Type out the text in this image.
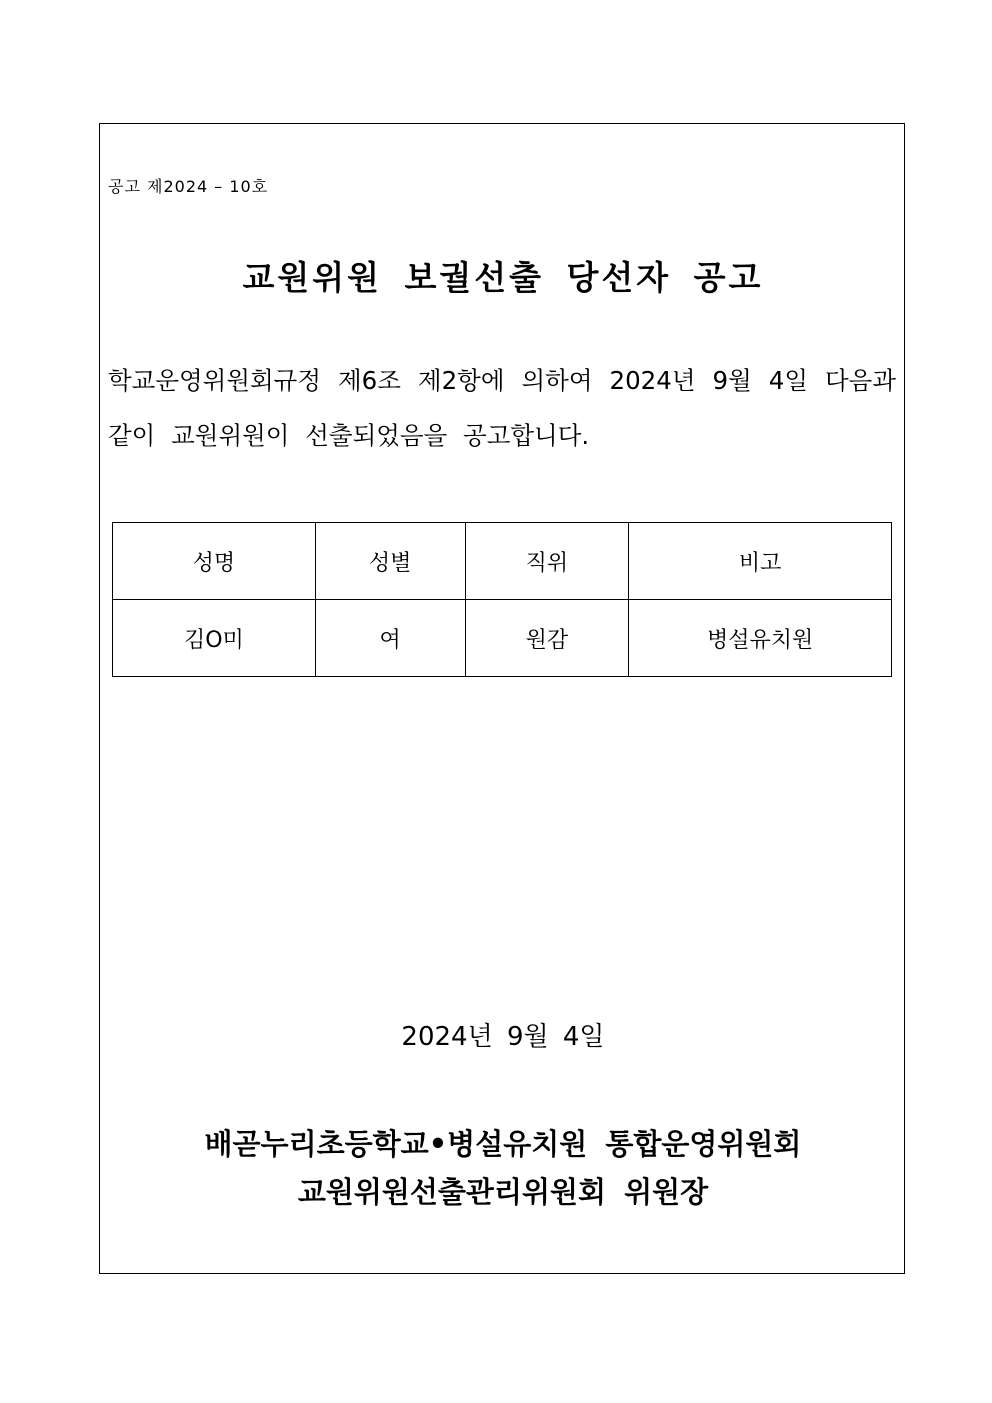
공고 제2024 – 10호
교원위원 보궐선출 당선자 공고
학교운영위원회규정 제6조 제2항에 의하여 2024년 9월 4일 다음과
같이 교원위원이 선출되었음을 공고합니다.
성명	성별	직위	비고
김O미	여	원감	병설유치원
2024년 9월 4일
배곧누리초등학교•병설유치원 통합운영위원회
교원위원선출관리위원회 위원장
